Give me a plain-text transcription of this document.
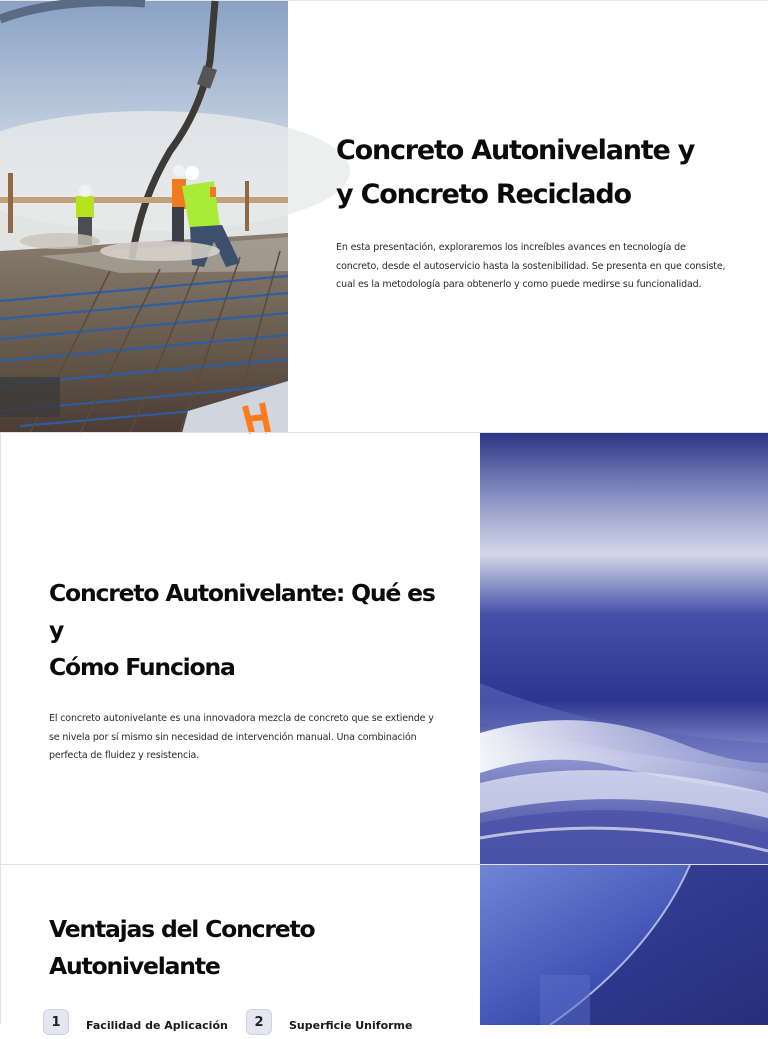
Concreto Autonivelante y
y Concreto Reciclado

En esta presentación, exploraremos los increíbles avances en tecnología de
concreto, desde el autoservicio hasta la sostenibilidad. Se presenta en que consiste,
cual es la metodología para obtenerlo y como puede medirse su funcionalidad.

Concreto Autonivelante: Qué es y
Cómo Funciona

El concreto autonivelante es una innovadora mezcla de concreto que se extiende y
se nivela por sí mismo sin necesidad de intervención manual. Una combinación
perfecta de fluidez y resistencia.

Ventajas del Concreto
Autonivelante
1	Facilidad de Aplicación	2	Superficie Uniforme
